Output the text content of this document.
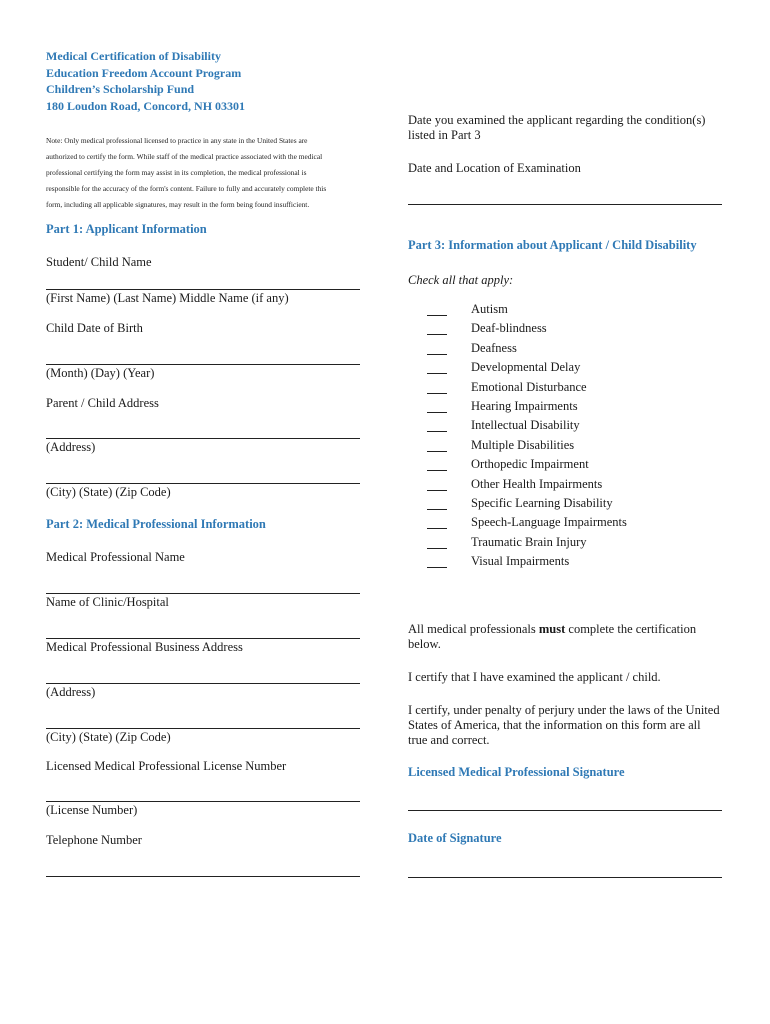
Medical Certification of Disability
Education Freedom Account Program
Children’s Scholarship Fund
180 Loudon Road, Concord, NH 03301
Note: Only medical professional licensed to practice in any state in the United States are
authorized to certify the form. While staff of the medical practice associated with the medical
professional certifying the form may assist in its completion, the medical professional is
responsible for the accuracy of the form's content. Failure to fully and accurately complete this
form, including all applicable signatures, may result in the form being found insufficient.
Part 1: Applicant Information
Student/ Child Name
(First Name) (Last Name) Middle Name (if any)
Child Date of Birth
(Month) (Day) (Year)
Parent / Child Address
(Address)
(City) (State) (Zip Code)
Part 2: Medical Professional Information
Medical Professional Name
Name of Clinic/Hospital
Medical Professional Business Address
(Address)
(City) (State) (Zip Code)
Licensed Medical Professional License Number
(License Number)
Telephone Number
Date you examined the applicant regarding the condition(s)
listed in Part 3
Date and Location of Examination
Part 3: Information about Applicant / Child Disability
Check all that apply:
Autism
Deaf-blindness
Deafness
Developmental Delay
Emotional Disturbance
Hearing Impairments
Intellectual Disability
Multiple Disabilities
Orthopedic Impairment
Other Health Impairments
Specific Learning Disability
Speech-Language Impairments
Traumatic Brain Injury
Visual Impairments
All medical professionals must complete the certification
below.
I certify that I have examined the applicant / child.
I certify, under penalty of perjury under the laws of the United
States of America, that the information on this form are all
true and correct.
Licensed Medical Professional Signature
Date of Signature
